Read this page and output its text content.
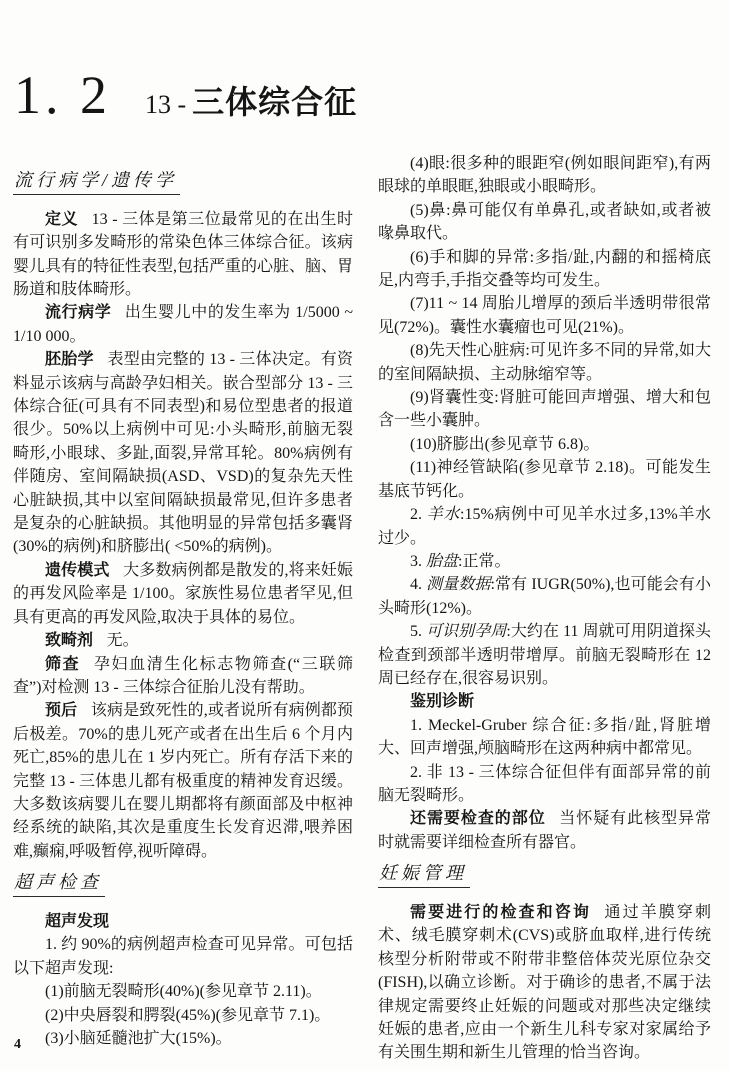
1. 2 13 - 三体综合征
流行病学/遗传学

定义 13 - 三体是第三位最常见的在出生时有可识别多发畸形的常染色体三体综合征。该病婴儿具有的特征性表型,包括严重的心脏、脑、胃肠道和肢体畸形。

流行病学 出生婴儿中的发生率为 1/5000 ~ 1/10 000。

胚胎学 表型由完整的 13 - 三体决定。有资料显示该病与高龄孕妇相关。嵌合型部分 13 - 三体综合征(可具有不同表型)和易位型患者的报道很少。50%以上病例中可见:小头畸形,前脑无裂畸形,小眼球、多趾,面裂,异常耳轮。80%病例有伴随房、室间隔缺损(ASD、VSD)的复杂先天性心脏缺损,其中以室间隔缺损最常见,但许多患者是复杂的心脏缺损。其他明显的异常包括多囊肾(30%的病例)和脐膨出( <50%的病例)。

遗传模式 大多数病例都是散发的,将来妊娠的再发风险率是 1/100。家族性易位患者罕见,但具有更高的再发风险,取决于具体的易位。

致畸剂 无。

筛查 孕妇血清生化标志物筛查(“三联筛查”)对检测 13 - 三体综合征胎儿没有帮助。

预后 该病是致死性的,或者说所有病例都预后极差。70%的患儿死产或者在出生后 6 个月内死亡,85%的患儿在 1 岁内死亡。所有存活下来的完整 13 - 三体患儿都有极重度的精神发育迟缓。大多数该病婴儿在婴儿期都将有颜面部及中枢神经系统的缺陷,其次是重度生长发育迟滞,喂养困难,癫痫,呼吸暂停,视听障碍。

超声检查

超声发现

1. 约 90%的病例超声检查可见异常。可包括以下超声发现:

(1)前脑无裂畸形(40%)(参见章节 2.11)。

(2)中央唇裂和腭裂(45%)(参见章节 7.1)。

(3)小脑延髓池扩大(15%)。

(4)眼:很多种的眼距窄(例如眼间距窄),有两眼球的单眼眶,独眼或小眼畸形。

(5)鼻:鼻可能仅有单鼻孔,或者缺如,或者被喙鼻取代。

(6)手和脚的异常:多指/趾,内翻的和摇椅底足,内弯手,手指交叠等均可发生。

(7)11 ~ 14 周胎儿增厚的颈后半透明带很常见(72%)。囊性水囊瘤也可见(21%)。

(8)先天性心脏病:可见许多不同的异常,如大的室间隔缺损、主动脉缩窄等。

(9)肾囊性变:肾脏可能回声增强、增大和包含一些小囊肿。

(10)脐膨出(参见章节 6.8)。

(11)神经管缺陷(参见章节 2.18)。可能发生基底节钙化。

2. 羊水:15%病例中可见羊水过多,13%羊水过少。

3. 胎盘:正常。

4. 测量数据:常有 IUGR(50%),也可能会有小头畸形(12%)。

5. 可识别孕周:大约在 11 周就可用阴道探头检查到颈部半透明带增厚。前脑无裂畸形在 12 周已经存在,很容易识别。

鉴别诊断

1. Meckel-Gruber 综合征:多指/趾,肾脏增大、回声增强,颅脑畸形在这两种病中都常见。

2. 非 13 - 三体综合征但伴有面部异常的前脑无裂畸形。

还需要检查的部位 当怀疑有此核型异常时就需要详细检查所有器官。

妊娠管理

需要进行的检查和咨询 通过羊膜穿刺术、绒毛膜穿刺术(CVS)或脐血取样,进行传统核型分析附带或不附带非整倍体荧光原位杂交(FISH),以确立诊断。对于确诊的患者,不属于法律规定需要终止妊娠的问题或对那些决定继续妊娠的患者,应由一个新生儿科专家对家属给予有关围生期和新生儿管理的恰当咨询。

4
